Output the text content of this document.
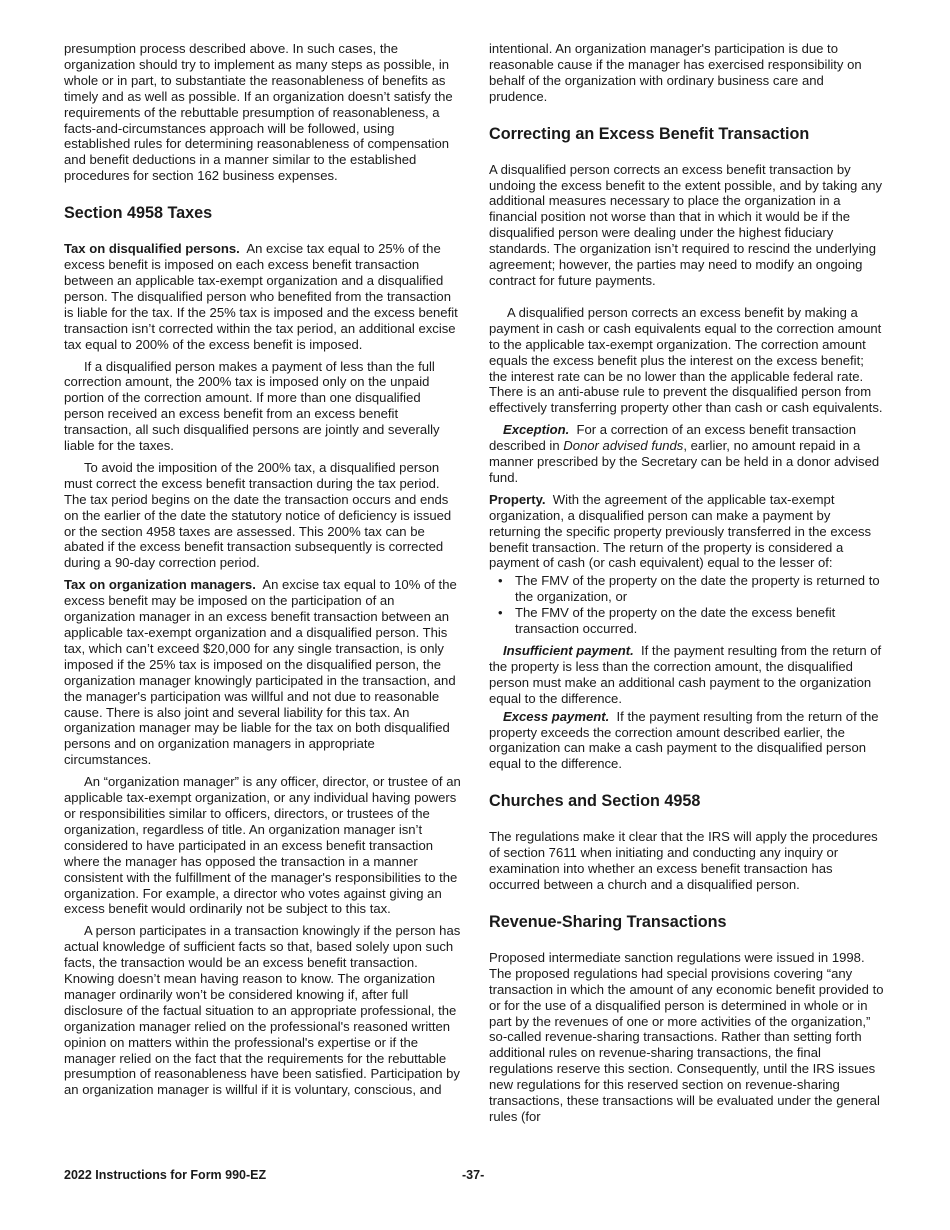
presumption process described above. In such cases, the organization should try to implement as many steps as possible, in whole or in part, to substantiate the reasonableness of benefits as timely and as well as possible. If an organization doesn’t satisfy the requirements of the rebuttable presumption of reasonableness, a facts-and-circumstances approach will be followed, using established rules for determining reasonableness of compensation and benefit deductions in a manner similar to the established procedures for section 162 business expenses.

Section 4958 Taxes

Tax on disqualified persons. An excise tax equal to 25% of the excess benefit is imposed on each excess benefit transaction between an applicable tax-exempt organization and a disqualified person. The disqualified person who benefited from the transaction is liable for the tax. If the 25% tax is imposed and the excess benefit transaction isn’t corrected within the tax period, an additional excise tax equal to 200% of the excess benefit is imposed.

If a disqualified person makes a payment of less than the full correction amount, the 200% tax is imposed only on the unpaid portion of the correction amount. If more than one disqualified person received an excess benefit from an excess benefit transaction, all such disqualified persons are jointly and severally liable for the taxes.

To avoid the imposition of the 200% tax, a disqualified person must correct the excess benefit transaction during the tax period. The tax period begins on the date the transaction occurs and ends on the earlier of the date the statutory notice of deficiency is issued or the section 4958 taxes are assessed. This 200% tax can be abated if the excess benefit transaction subsequently is corrected during a 90-day correction period.

Tax on organization managers. An excise tax equal to 10% of the excess benefit may be imposed on the participation of an organization manager in an excess benefit transaction between an applicable tax-exempt organization and a disqualified person. This tax, which can’t exceed $20,000 for any single transaction, is only imposed if the 25% tax is imposed on the disqualified person, the organization manager knowingly participated in the transaction, and the manager's participation was willful and not due to reasonable cause. There is also joint and several liability for this tax. An organization manager may be liable for the tax on both disqualified persons and on organization managers in appropriate circumstances.

An “organization manager” is any officer, director, or trustee of an applicable tax-exempt organization, or any individual having powers or responsibilities similar to officers, directors, or trustees of the organization, regardless of title. An organization manager isn’t considered to have participated in an excess benefit transaction where the manager has opposed the transaction in a manner consistent with the fulfillment of the manager's responsibilities to the organization. For example, a director who votes against giving an excess benefit would ordinarily not be subject to this tax.

A person participates in a transaction knowingly if the person has actual knowledge of sufficient facts so that, based solely upon such facts, the transaction would be an excess benefit transaction. Knowing doesn’t mean having reason to know. The organization manager ordinarily won’t be considered knowing if, after full disclosure of the factual situation to an appropriate professional, the organization manager relied on the professional's reasoned written opinion on matters within the professional's expertise or if the manager relied on the fact that the requirements for the rebuttable presumption of reasonableness have been satisfied. Participation by an organization manager is willful if it is voluntary, conscious, and

intentional. An organization manager's participation is due to reasonable cause if the manager has exercised responsibility on behalf of the organization with ordinary business care and prudence.

Correcting an Excess Benefit Transaction

A disqualified person corrects an excess benefit transaction by undoing the excess benefit to the extent possible, and by taking any additional measures necessary to place the organization in a financial position not worse than that in which it would be if the disqualified person were dealing under the highest fiduciary standards. The organization isn’t required to rescind the underlying agreement; however, the parties may need to modify an ongoing contract for future payments.

A disqualified person corrects an excess benefit by making a payment in cash or cash equivalents equal to the correction amount to the applicable tax-exempt organization. The correction amount equals the excess benefit plus the interest on the excess benefit; the interest rate can be no lower than the applicable federal rate. There is an anti-abuse rule to prevent the disqualified person from effectively transferring property other than cash or cash equivalents.

Exception. For a correction of an excess benefit transaction described in Donor advised funds, earlier, no amount repaid in a manner prescribed by the Secretary can be held in a donor advised fund.

Property. With the agreement of the applicable tax-exempt organization, a disqualified person can make a payment by returning the specific property previously transferred in the excess benefit transaction. The return of the property is considered a payment of cash (or cash equivalent) equal to the lesser of:

• The FMV of the property on the date the property is returned to the organization, or
• The FMV of the property on the date the excess benefit transaction occurred.

Insufficient payment. If the payment resulting from the return of the property is less than the correction amount, the disqualified person must make an additional cash payment to the organization equal to the difference.

Excess payment. If the payment resulting from the return of the property exceeds the correction amount described earlier, the organization can make a cash payment to the disqualified person equal to the difference.

Churches and Section 4958

The regulations make it clear that the IRS will apply the procedures of section 7611 when initiating and conducting any inquiry or examination into whether an excess benefit transaction has occurred between a church and a disqualified person.

Revenue-Sharing Transactions

Proposed intermediate sanction regulations were issued in 1998. The proposed regulations had special provisions covering “any transaction in which the amount of any economic benefit provided to or for the use of a disqualified person is determined in whole or in part by the revenues of one or more activities of the organization,” so-called revenue-sharing transactions. Rather than setting forth additional rules on revenue-sharing transactions, the final regulations reserve this section. Consequently, until the IRS issues new regulations for this reserved section on revenue-sharing transactions, these transactions will be evaluated under the general rules (for

2022 Instructions for Form 990-EZ	-37-
